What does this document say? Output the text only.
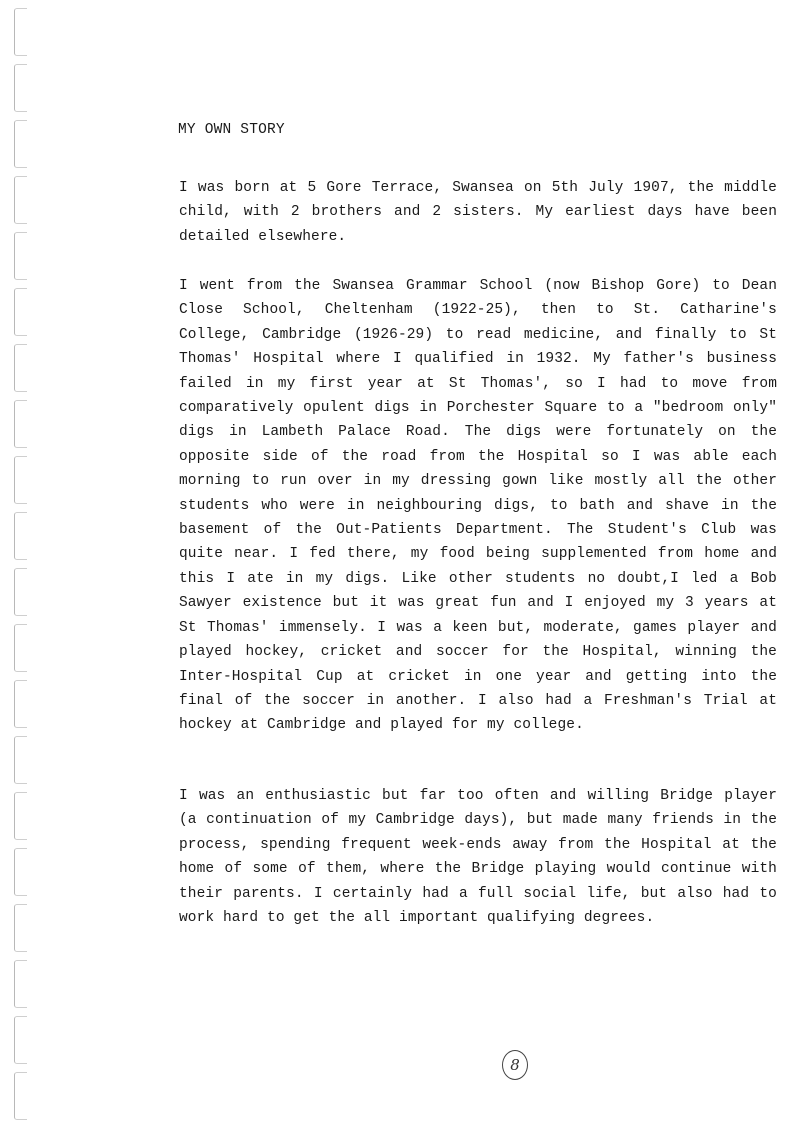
MY OWN STORY

I was born at 5 Gore Terrace, Swansea on 5th July 1907, the middle child, with 2 brothers and 2 sisters. My earliest days have been detailed elsewhere.

I went from the Swansea Grammar School (now Bishop Gore) to Dean Close School, Cheltenham (1922-25), then to St. Catharine's College, Cambridge (1926-29) to read medicine, and finally to St Thomas' Hospital where I qualified in 1932. My father's business failed in my first year at St Thomas', so I had to move from comparatively opulent digs in Porchester Square to a "bedroom only" digs in Lambeth Palace Road. The digs were fortunately on the opposite side of the road from the Hospital so I was able each morning to run over in my dressing gown like mostly all the other students who were in neighbouring digs, to bath and shave in the basement of the Out-Patients Department. The Student's Club was quite near. I fed there, my food being supplemented from home and this I ate in my digs. Like other students no doubt,I led a Bob Sawyer existence but it was great fun and I enjoyed my 3 years at St Thomas' immensely. I was a keen but, moderate, games player and played hockey, cricket and soccer for the Hospital, winning the Inter-Hospital Cup at cricket in one year and getting into the final of the soccer in another. I also had a Freshman's Trial at hockey at Cambridge and played for my college.

I was an enthusiastic but far too often and willing Bridge player (a continuation of my Cambridge days), but made many friends in the process, spending frequent week-ends away from the Hospital at the home of some of them, where the Bridge playing would continue with their parents. I certainly had a full social life, but also had to work hard to get the all important qualifying degrees.

8
